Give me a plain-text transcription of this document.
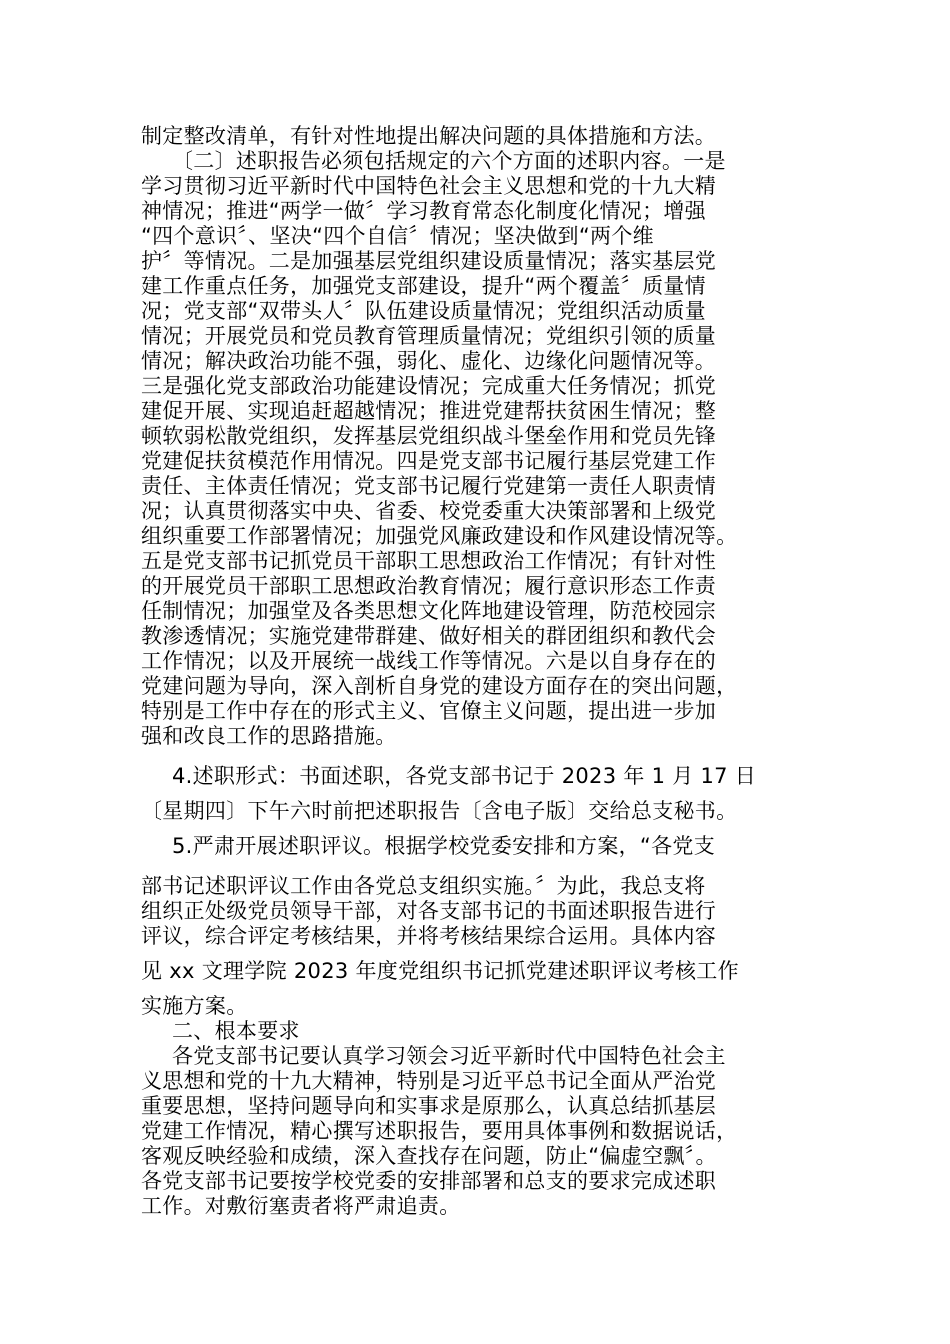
制定整改清单，有针对性地提出解决问题的具体措施和方法。
〔二〕述职报告必须包括规定的六个方面的述职内容。一是
学习贯彻习近平新时代中国特色社会主义思想和党的十九大精
神情况；推进“两学一做〞学习教育常态化制度化情况；增强
“四个意识〞、坚决“四个自信〞情况；坚决做到“两个维
护〞等情况。二是加强基层党组织建设质量情况；落实基层党
建工作重点任务，加强党支部建设，提升“两个覆盖〞质量情
况；党支部“双带头人〞队伍建设质量情况；党组织活动质量
情况；开展党员和党员教育管理质量情况；党组织引领的质量
情况；解决政治功能不强，弱化、虚化、边缘化问题情况等。
三是强化党支部政治功能建设情况；完成重大任务情况；抓党
建促开展、实现追赶超越情况；推进党建帮扶贫困生情况；整
顿软弱松散党组织，发挥基层党组织战斗堡垒作用和党员先锋
党建促扶贫模范作用情况。四是党支部书记履行基层党建工作
责任、主体责任情况；党支部书记履行党建第一责任人职责情
况；认真贯彻落实中央、省委、校党委重大决策部署和上级党
组织重要工作部署情况；加强党风廉政建设和作风建设情况等。
五是党支部书记抓党员干部职工思想政治工作情况；有针对性
的开展党员干部职工思想政治教育情况；履行意识形态工作责
任制情况；加强堂及各类思想文化阵地建设管理，防范校园宗
教渗透情况；实施党建带群建、做好相关的群团组织和教代会
工作情况；以及开展统一战线工作等情况。六是以自身存在的
党建问题为导向，深入剖析自身党的建设方面存在的突出问题，
特别是工作中存在的形式主义、官僚主义问题，提出进一步加
强和改良工作的思路措施。
4.述职形式：书面述职，各党支部书记于 2023 年 1 月 17 日
〔星期四〕下午六时前把述职报告〔含电子版〕交给总支秘书。
5.严肃开展述职评议。根据学校党委安排和方案，“各党支
部书记述职评议工作由各党总支组织实施。〞为此，我总支将
组织正处级党员领导干部，对各支部书记的书面述职报告进行
评议，综合评定考核结果，并将考核结果综合运用。具体内容
见 xx 文理学院 2023 年度党组织书记抓党建述职评议考核工作
实施方案。
二、根本要求
各党支部书记要认真学习领会习近平新时代中国特色社会主
义思想和党的十九大精神，特别是习近平总书记全面从严治党
重要思想，坚持问题导向和实事求是原那么，认真总结抓基层
党建工作情况，精心撰写述职报告，要用具体事例和数据说话，
客观反映经验和成绩，深入查找存在问题，防止“偏虚空飘〞。
各党支部书记要按学校党委的安排部署和总支的要求完成述职
工作。对敷衍塞责者将严肃追责。
